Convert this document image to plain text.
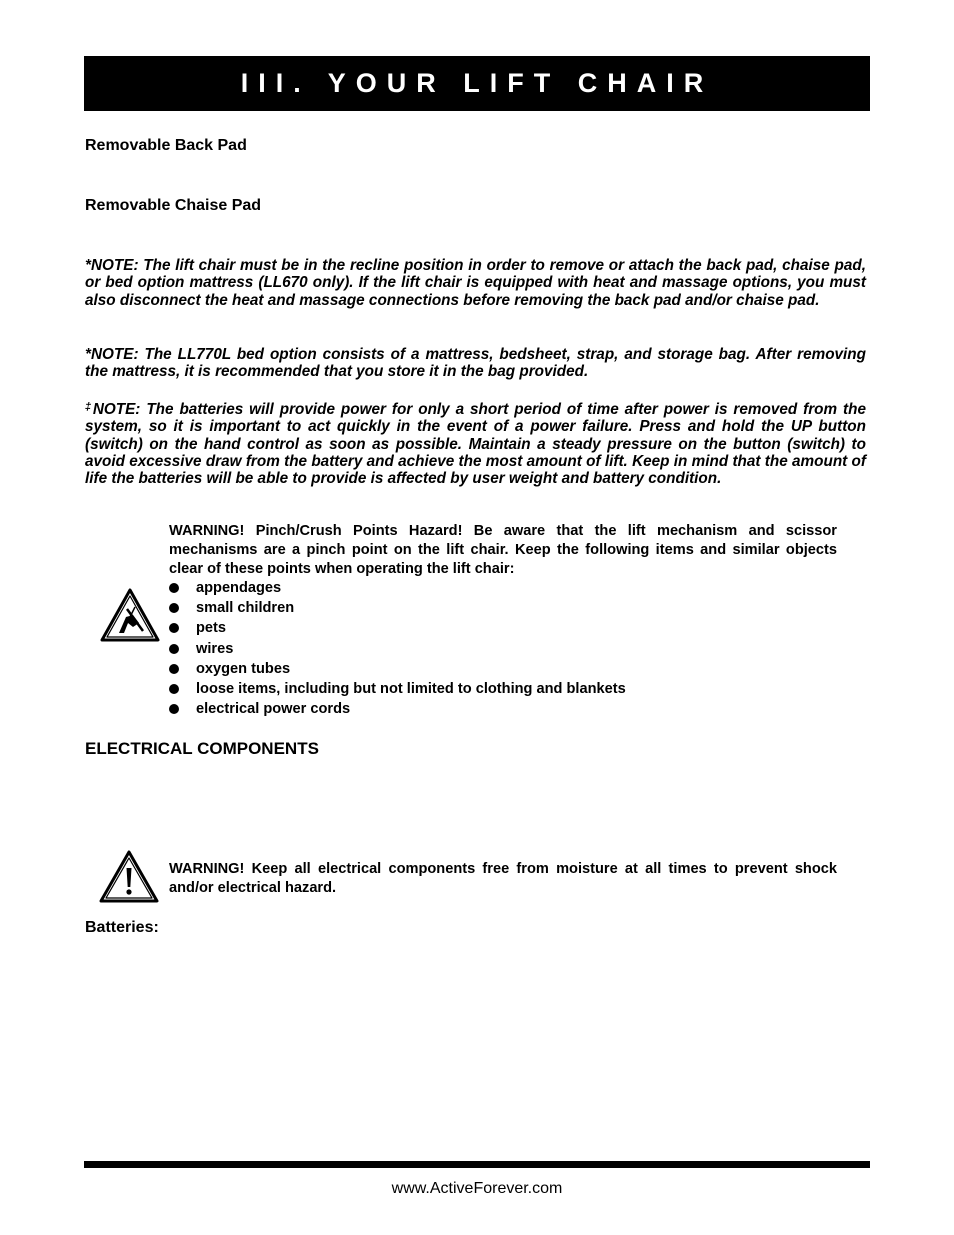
III. YOUR LIFT CHAIR
Removable Back Pad
Removable Chaise Pad
*NOTE: The lift chair must be in the recline position in order to remove or attach the back pad, chaise pad, or bed option mattress (LL670 only). If the lift chair is equipped with heat and massage options, you must also disconnect the heat and massage connections before removing the back pad and/or chaise pad.
*NOTE: The LL770L bed option consists of a mattress, bedsheet, strap, and storage bag. After removing the mattress, it is recommended that you store it in the bag provided.
‡NOTE: The batteries will provide power for only a short period of time after power is removed from the system, so it is important to act quickly in the event of a power failure. Press and hold the UP button (switch) on the hand control as soon as possible. Maintain a steady pressure on the button (switch) to avoid excessive draw from the battery and achieve the most amount of lift. Keep in mind that the amount of life the batteries will be able to provide is affected by user weight and battery condition.
WARNING! Pinch/Crush Points Hazard! Be aware that the lift mechanism and scissor mechanisms are a pinch point on the lift chair. Keep the following items and similar objects clear of these points when operating the lift chair:
appendages
small children
pets
wires
oxygen tubes
loose items, including but not limited to clothing and blankets
electrical power cords
ELECTRICAL COMPONENTS
WARNING! Keep all electrical components free from moisture at all times to prevent shock and/or electrical hazard.
Batteries:
www.ActiveForever.com
